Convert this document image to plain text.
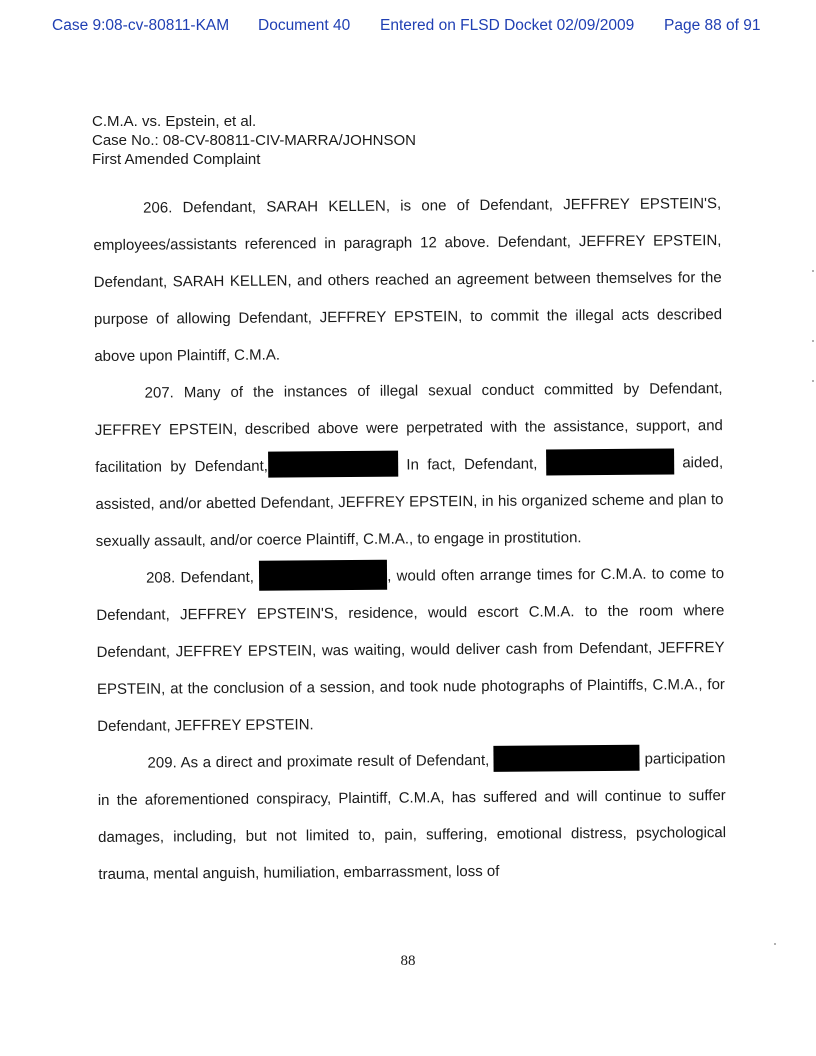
Case 9:08-cv-80811-KAM Document 40 Entered on FLSD Docket 02/09/2009 Page 88 of 91
C.M.A. vs. Epstein, et al.
Case No.: 08-CV-80811-CIV-MARRA/JOHNSON
First Amended Complaint

206. Defendant, SARAH KELLEN, is one of Defendant, JEFFREY EPSTEIN'S, employees/assistants referenced in paragraph 12 above. Defendant, JEFFREY EPSTEIN, Defendant, SARAH KELLEN, and others reached an agreement between themselves for the purpose of allowing Defendant, JEFFREY EPSTEIN, to commit the illegal acts described above upon Plaintiff, C.M.A.

207. Many of the instances of illegal sexual conduct committed by Defendant, JEFFREY EPSTEIN, described above were perpetrated with the assistance, support, and facilitation by Defendant,	In fact, Defendant,	aided, assisted, and/or abetted Defendant, JEFFREY EPSTEIN, in his organized scheme and plan to sexually assault, and/or coerce Plaintiff, C.M.A., to engage in prostitution.

208. Defendant,	, would often arrange times for C.M.A. to come to Defendant, JEFFREY EPSTEIN'S, residence, would escort C.M.A. to the room where Defendant, JEFFREY EPSTEIN, was waiting, would deliver cash from Defendant, JEFFREY EPSTEIN, at the conclusion of a session, and took nude photographs of Plaintiffs, C.M.A., for Defendant, JEFFREY EPSTEIN.

209. As a direct and proximate result of Defendant,	participation in the aforementioned conspiracy, Plaintiff, C.M.A, has suffered and will continue to suffer damages, including, but not limited to, pain, suffering, emotional distress, psychological trauma, mental anguish, humiliation, embarrassment, loss of

88
